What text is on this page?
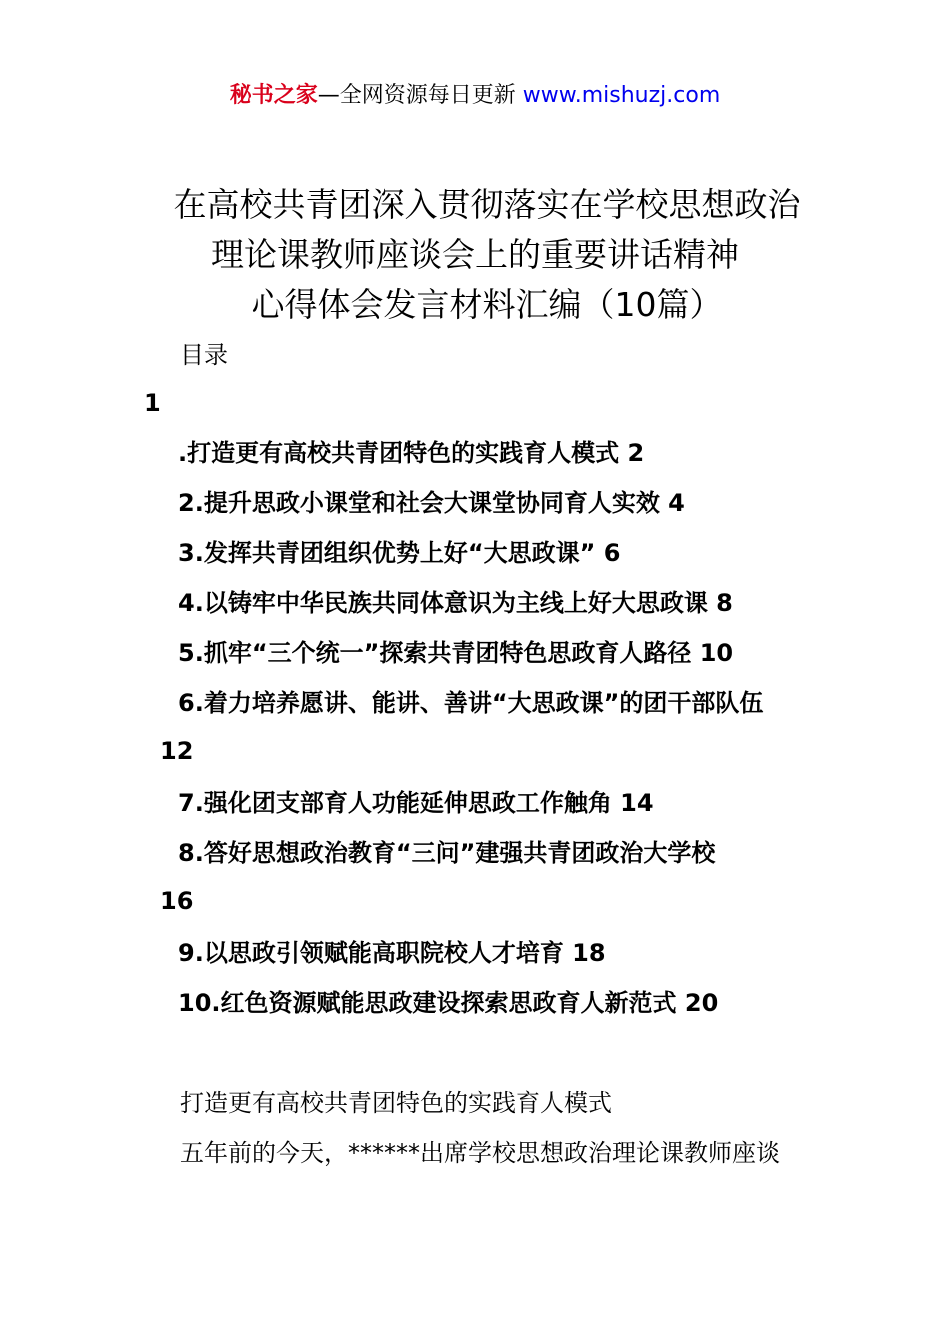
秘书之家—全网资源每日更新 www.mishuzj.com
在高校共青团深入贯彻落实在学校思想政治
理论课教师座谈会上的重要讲话精神
心得体会发言材料汇编（10篇）
目录
1
.打造更有高校共青团特色的实践育人模式 2
2.提升思政小课堂和社会大课堂协同育人实效 4
3.发挥共青团组织优势上好“大思政课” 6
4.以铸牢中华民族共同体意识为主线上好大思政课 8
5.抓牢“三个统一”探索共青团特色思政育人路径 10
6.着力培养愿讲、能讲、善讲“大思政课”的团干部队伍
12
7.强化团支部育人功能延伸思政工作触角 14
8.答好思想政治教育“三问”建强共青团政治大学校
16
9.以思政引领赋能高职院校人才培育 18
10.红色资源赋能思政建设探索思政育人新范式 20
打造更有高校共青团特色的实践育人模式
五年前的今天，******出席学校思想政治理论课教师座谈
